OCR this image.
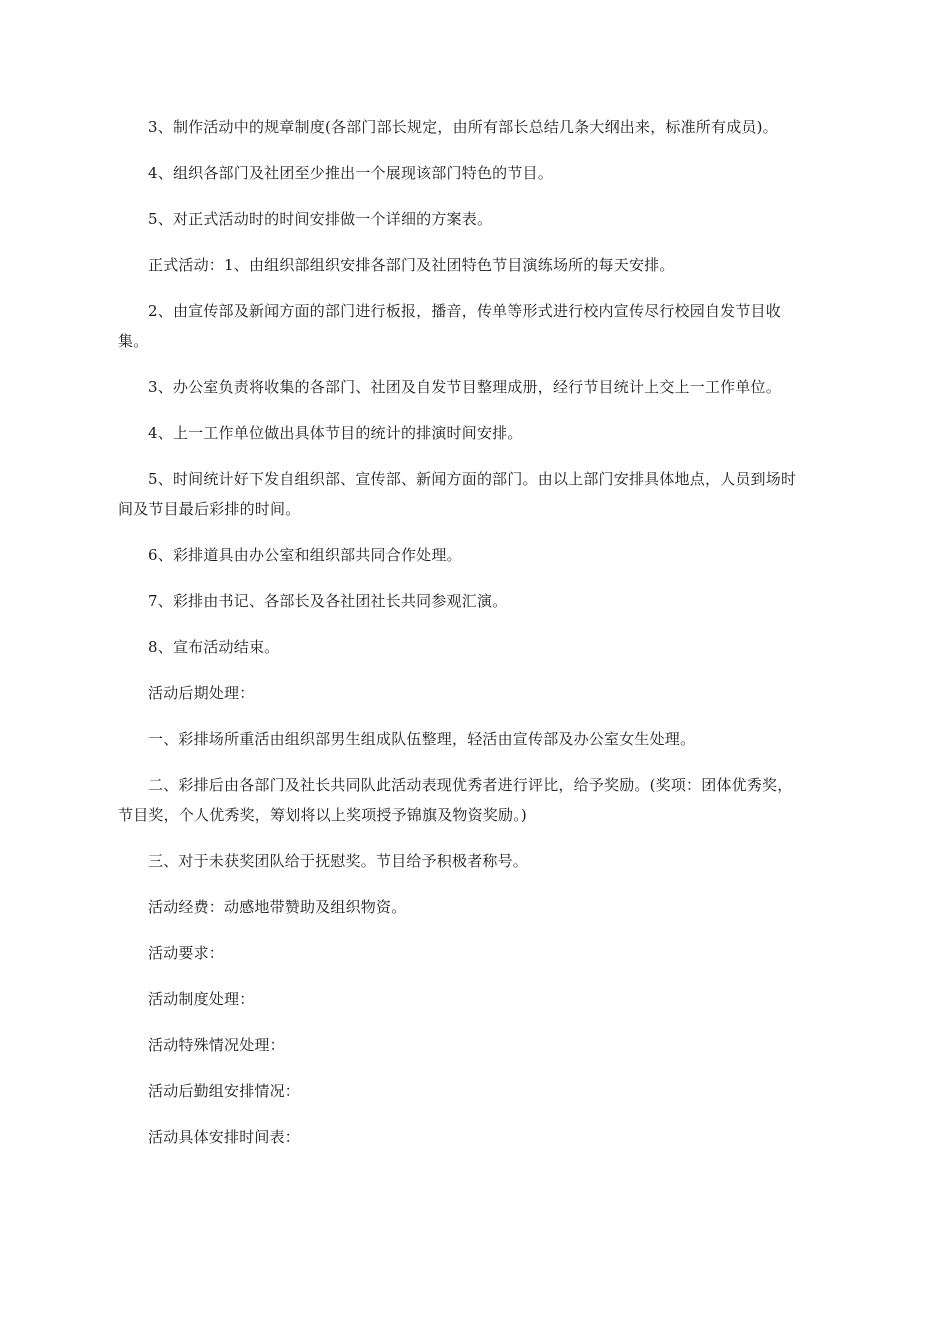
3、制作活动中的规章制度(各部门部长规定，由所有部长总结几条大纲出来，标准所有成员)。

4、组织各部门及社团至少推出一个展现该部门特色的节目。

5、对正式活动时的时间安排做一个详细的方案表。

正式活动：1、由组织部组织安排各部门及社团特色节目演练场所的每天安排。

2、由宣传部及新闻方面的部门进行板报，播音，传单等形式进行校内宣传尽行校园自发节目收集。

3、办公室负责将收集的各部门、社团及自发节目整理成册，经行节目统计上交上一工作单位。

4、上一工作单位做出具体节目的统计的排演时间安排。

5、时间统计好下发自组织部、宣传部、新闻方面的部门。由以上部门安排具体地点，人员到场时间及节目最后彩排的时间。

6、彩排道具由办公室和组织部共同合作处理。

7、彩排由书记、各部长及各社团社长共同参观汇演。

8、宣布活动结束。

活动后期处理：

一、彩排场所重活由组织部男生组成队伍整理，轻活由宣传部及办公室女生处理。

二、彩排后由各部门及社长共同队此活动表现优秀者进行评比，给予奖励。(奖项：团体优秀奖，节目奖，个人优秀奖，筹划将以上奖项授予锦旗及物资奖励。)

三、对于未获奖团队给于抚慰奖。节目给予积极者称号。

活动经费：动感地带赞助及组织物资。

活动要求：

活动制度处理：

活动特殊情况处理：

活动后勤组安排情况：

活动具体安排时间表：
